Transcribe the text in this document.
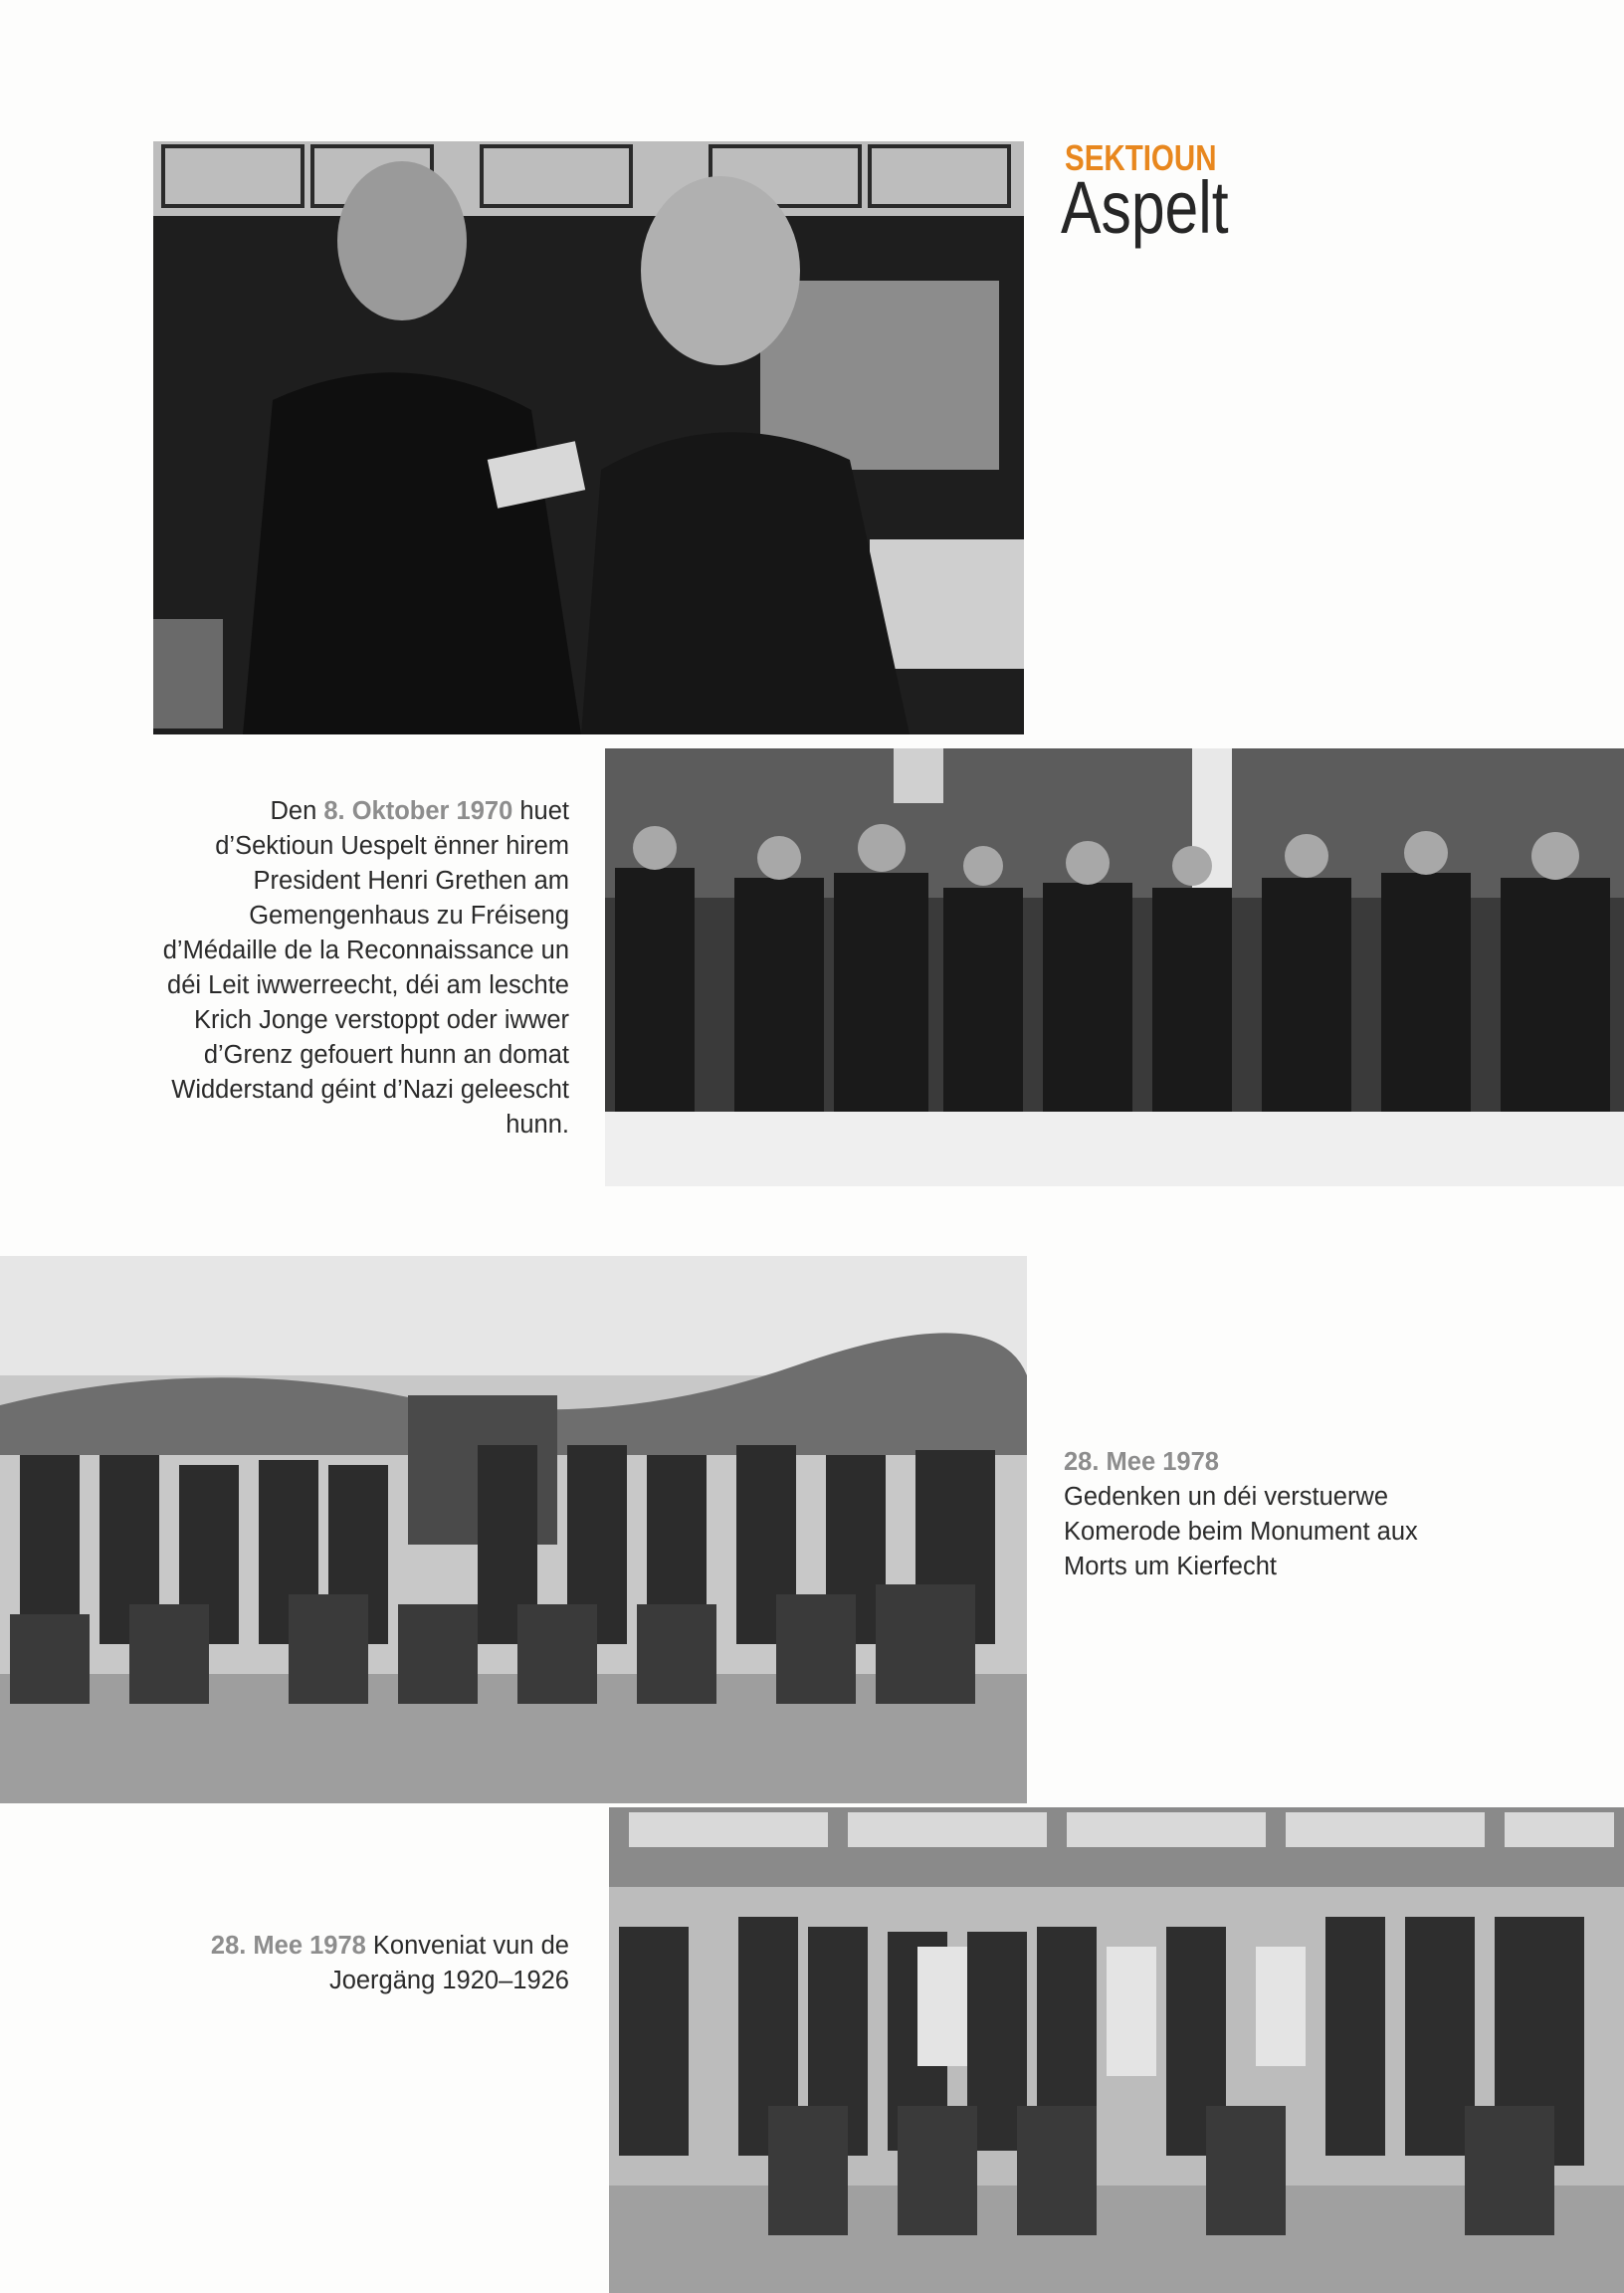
SEKTIOUN
Aspelt
Den 8. Oktober 1970 huet d’Sektioun Uespelt ënner hirem President Henri Grethen am Gemengenhaus zu Fréiseng d’Médaille de la Reconnaissance un déi Leit iwwerreecht, déi am leschte Krich Jonge verstoppt oder iwwer d’Grenz gefouert hunn an domat Widderstand géint d’Nazi geleescht hunn.
28. Mee 1978
Gedenken un déi verstuerwe Komerode beim Monument aux Morts um Kierfecht
28. Mee 1978 Konveniat vun de Joergäng 1920–1926
